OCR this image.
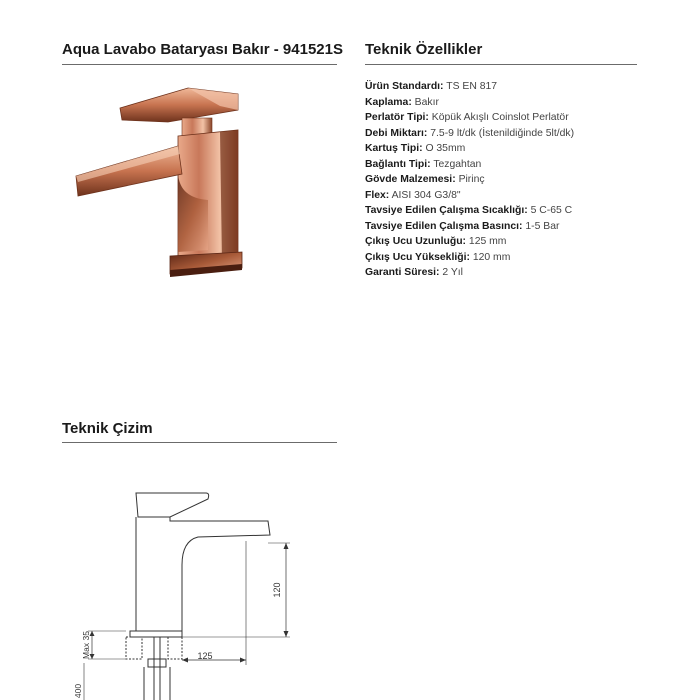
Aqua Lavabo Bataryası Bakır - 941521S Teknik Özellikler
Ürün Standardı: TS EN 817
Kaplama: Bakır
Perlatör Tipi: Köpük Akışlı Coinslot Perlatör
Debi Miktarı: 7.5-9 lt/dk (İstenildiğinde 5lt/dk)
Kartuş Tipi: O 35mm
Bağlantı Tipi: Tezgahtan
Gövde Malzemesi: Pirinç
Flex: AISI 304 G3/8"
Tavsiye Edilen Çalışma Sıcaklığı: 5 C-65 C
Tavsiye Edilen Çalışma Basıncı: 1-5 Bar
Çıkış Ucu Uzunluğu: 125 mm
Çıkış Ucu Yüksekliği: 120 mm
Garanti Süresi: 2 Yıl
Teknik Çizim
120
125
Max 35
400
